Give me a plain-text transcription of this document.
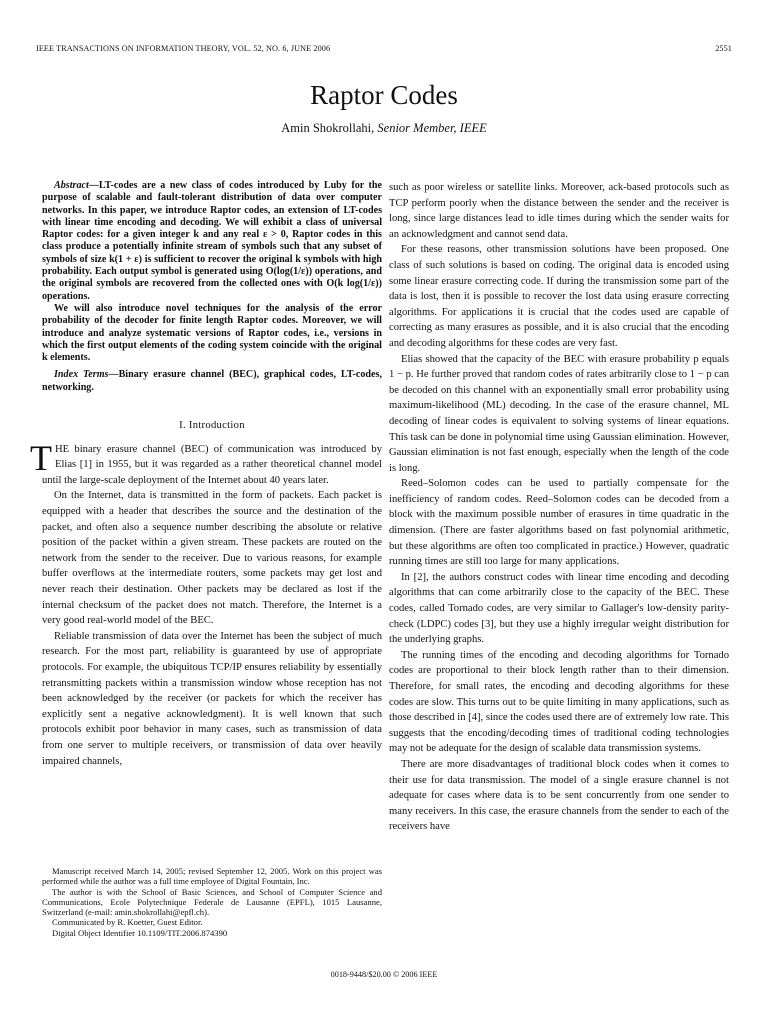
IEEE TRANSACTIONS ON INFORMATION THEORY, VOL. 52, NO. 6, JUNE 2006	2551
Raptor Codes
Amin Shokrollahi, Senior Member, IEEE

Abstract—LT-codes are a new class of codes introduced by Luby for the purpose of scalable and fault-tolerant distribution of data over computer networks. In this paper, we introduce Raptor codes, an extension of LT-codes with linear time encoding and decoding. We will exhibit a class of universal Raptor codes: for a given integer k and any real ε > 0, Raptor codes in this class produce a potentially infinite stream of symbols such that any subset of symbols of size k(1 + ε) is sufficient to recover the original k symbols with high probability. Each output symbol is generated using O(log(1/ε)) operations, and the original symbols are recovered from the collected ones with O(k log(1/ε)) operations.

We will also introduce novel techniques for the analysis of the error probability of the decoder for finite length Raptor codes. Moreover, we will introduce and analyze systematic versions of Raptor codes, i.e., versions in which the first output elements of the coding system coincide with the original k elements.

Index Terms—Binary erasure channel (BEC), graphical codes, LT-codes, networking.

I. Introduction

THE binary erasure channel (BEC) of communication was introduced by Elias [1] in 1955, but it was regarded as a rather theoretical channel model until the large-scale deployment of the Internet about 40 years later.

On the Internet, data is transmitted in the form of packets. Each packet is equipped with a header that describes the source and the destination of the packet, and often also a sequence number describing the absolute or relative position of the packet within a given stream. These packets are routed on the network from the sender to the receiver. Due to various reasons, for example buffer overflows at the intermediate routers, some packets may get lost and never reach their destination. Other packets may be declared as lost if the internal checksum of the packet does not match. Therefore, the Internet is a very good real-world model of the BEC.

Reliable transmission of data over the Internet has been the subject of much research. For the most part, reliability is guaranteed by use of appropriate protocols. For example, the ubiquitous TCP/IP ensures reliability by essentially retransmitting packets within a transmission window whose reception has not been acknowledged by the receiver (or packets for which the receiver has explicitly sent a negative acknowledgment). It is well known that such protocols exhibit poor behavior in many cases, such as transmission of data from one server to multiple receivers, or transmission of data over heavily impaired channels,

Manuscript received March 14, 2005; revised September 12, 2005. Work on this project was performed while the author was a full time employee of Digital Fountain, Inc.

The author is with the School of Basic Sciences, and School of Computer Science and Communications, Ecole Polytechnique Federale de Lausanne (EPFL), 1015 Lausanne, Switzerland (e-mail: amin.shokrollahi@epfl.ch).

Communicated by R. Koetter, Guest Editor.

Digital Object Identifier 10.1109/TIT.2006.874390

such as poor wireless or satellite links. Moreover, ack-based protocols such as TCP perform poorly when the distance between the sender and the receiver is long, since large distances lead to idle times during which the sender waits for an acknowledgment and cannot send data.

For these reasons, other transmission solutions have been proposed. One class of such solutions is based on coding. The original data is encoded using some linear erasure correcting code. If during the transmission some part of the data is lost, then it is possible to recover the lost data using erasure correcting algorithms. For applications it is crucial that the codes used are capable of correcting as many erasures as possible, and it is also crucial that the encoding and decoding algorithms for these codes are very fast.

Elias showed that the capacity of the BEC with erasure probability p equals 1 − p. He further proved that random codes of rates arbitrarily close to 1 − p can be decoded on this channel with an exponentially small error probability using maximum-likelihood (ML) decoding. In the case of the erasure channel, ML decoding of linear codes is equivalent to solving systems of linear equations. This task can be done in polynomial time using Gaussian elimination. However, Gaussian elimination is not fast enough, especially when the length of the code is long.

Reed–Solomon codes can be used to partially compensate for the inefficiency of random codes. Reed–Solomon codes can be decoded from a block with the maximum possible number of erasures in time quadratic in the dimension. (There are faster algorithms based on fast polynomial arithmetic, but these algorithms are often too complicated in practice.) However, quadratic running times are still too large for many applications.

In [2], the authors construct codes with linear time encoding and decoding algorithms that can come arbitrarily close to the capacity of the BEC. These codes, called Tornado codes, are very similar to Gallager's low-density parity-check (LDPC) codes [3], but they use a highly irregular weight distribution for the underlying graphs.

The running times of the encoding and decoding algorithms for Tornado codes are proportional to their block length rather than to their dimension. Therefore, for small rates, the encoding and decoding algorithms for these codes are slow. This turns out to be quite limiting in many applications, such as those described in [4], since the codes used there are of extremely low rate. This suggests that the encoding/decoding times of traditional coding technologies may not be adequate for the design of scalable data transmission systems.

There are more disadvantages of traditional block codes when it comes to their use for data transmission. The model of a single erasure channel is not adequate for cases where data is to be sent concurrently from one sender to many receivers. In this case, the erasure channels from the sender to each of the receivers have

0018-9448/$20.00 © 2006 IEEE
